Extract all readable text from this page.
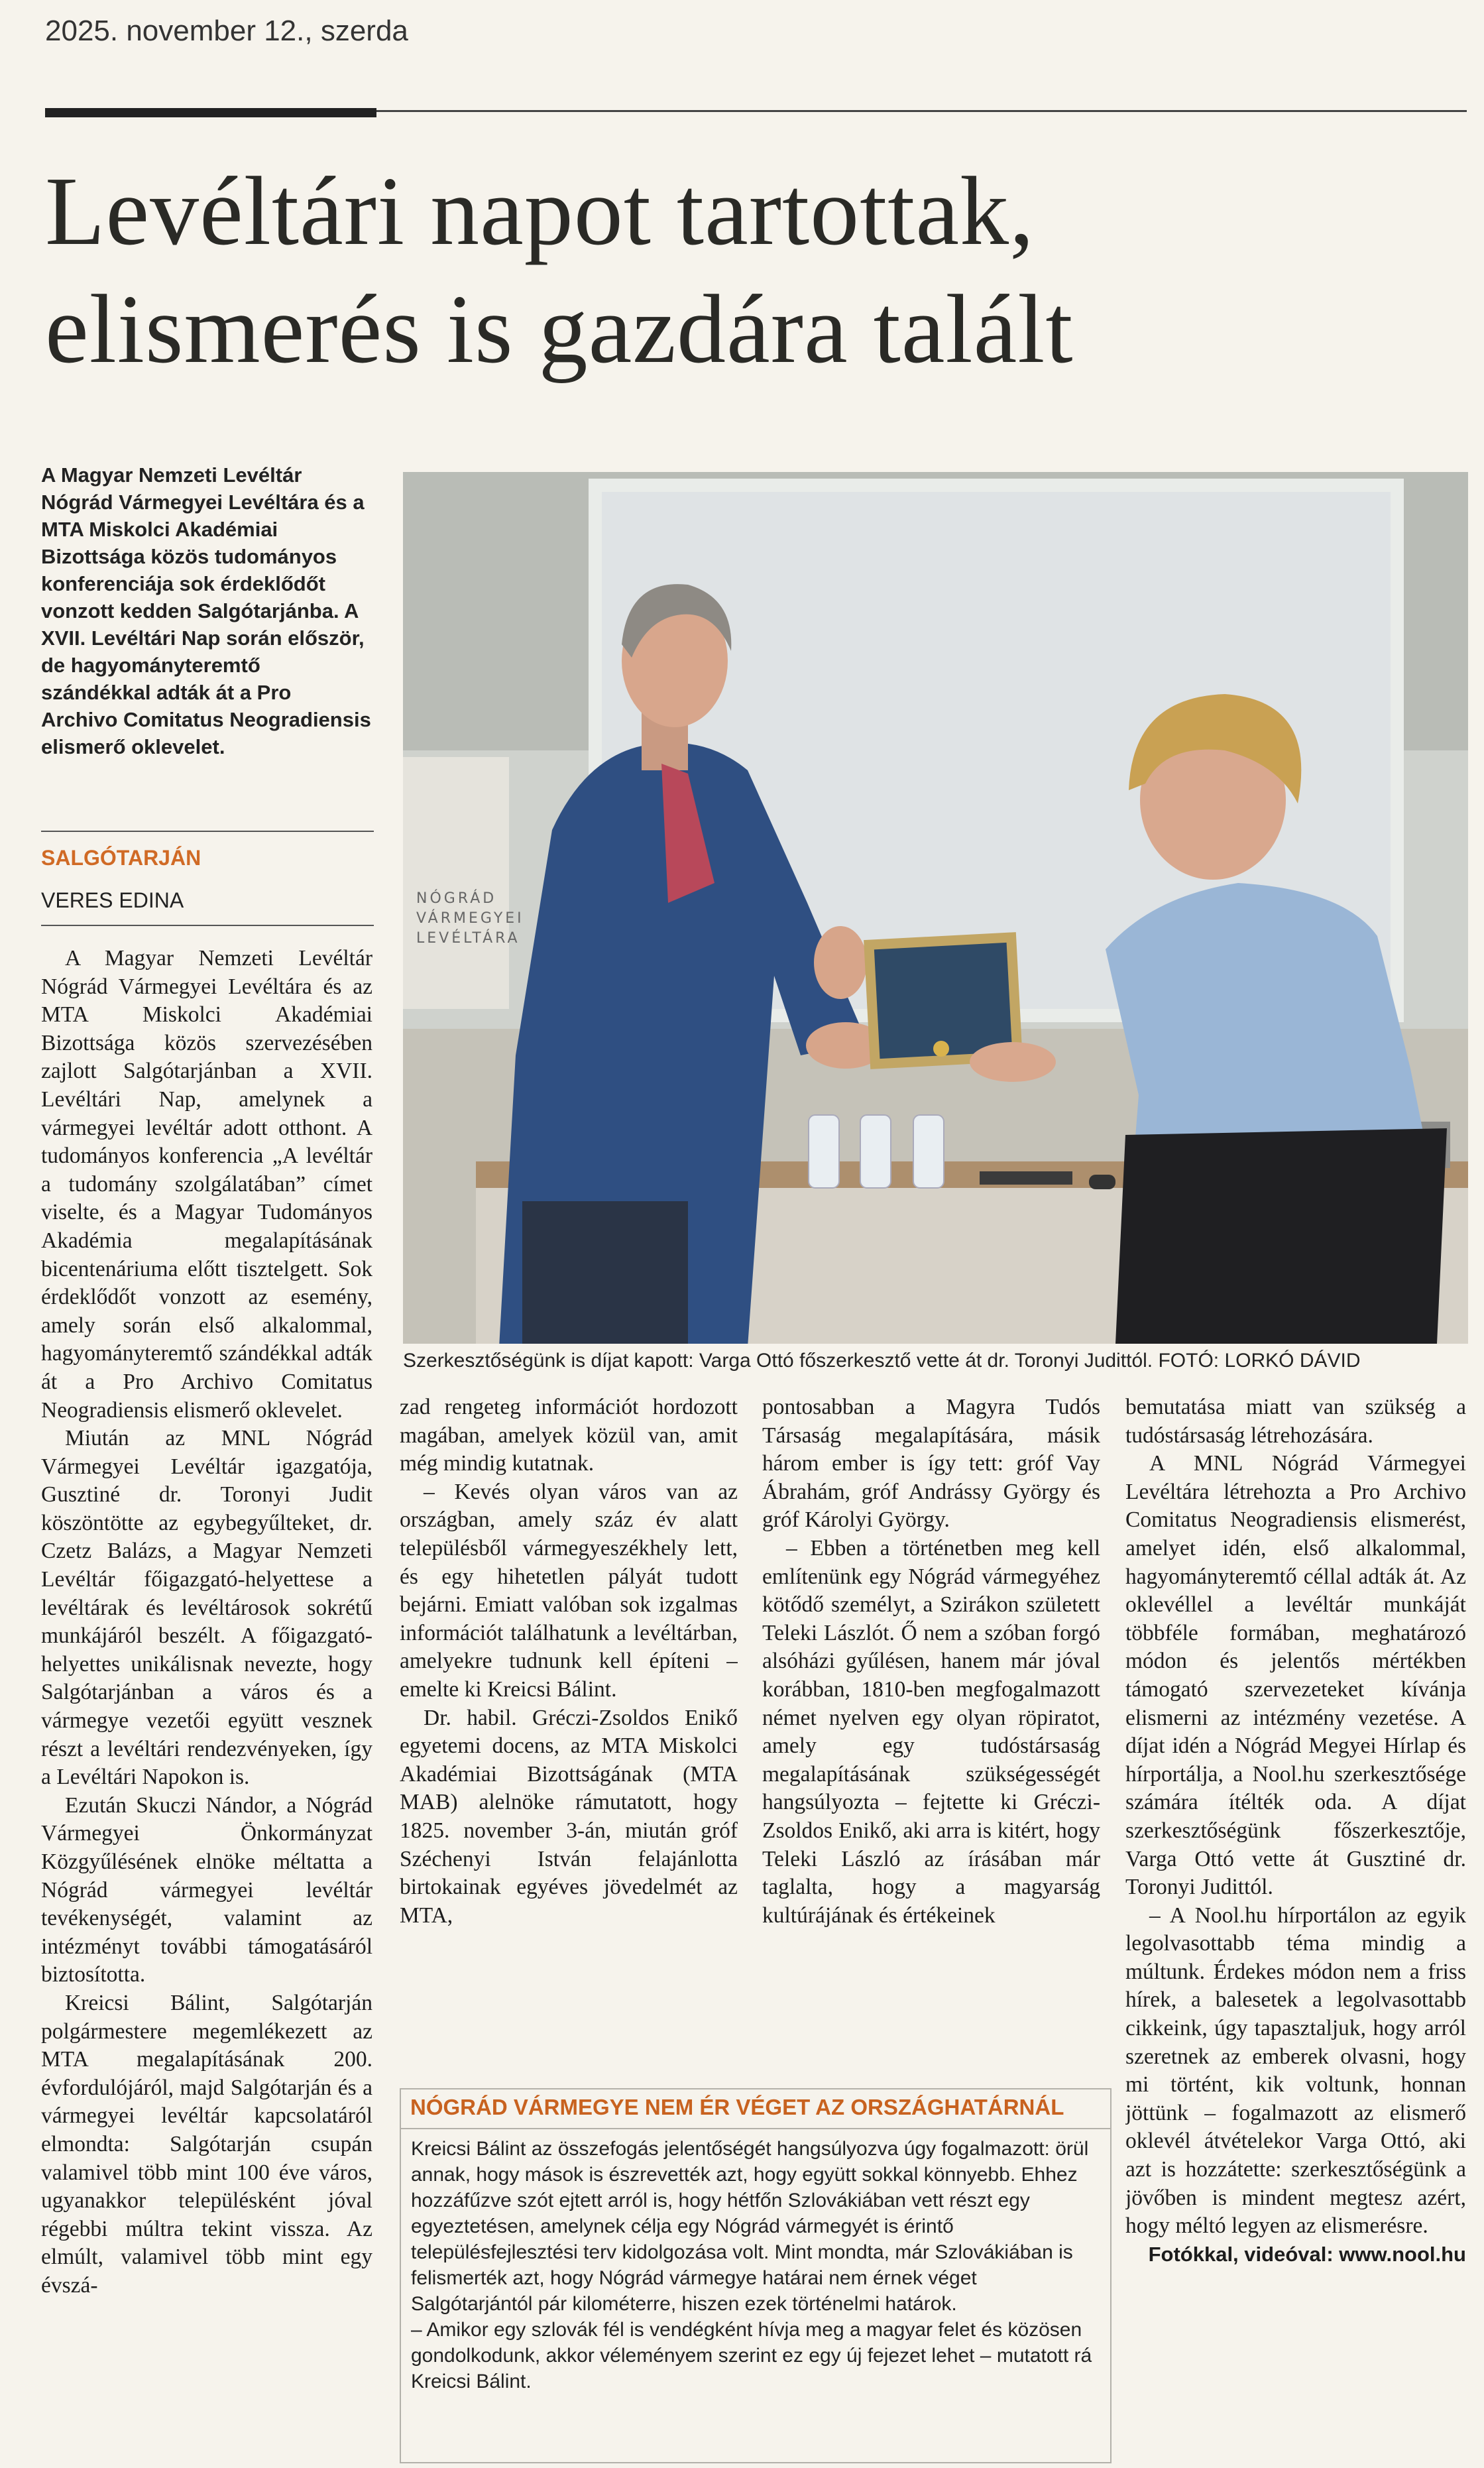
2025. november 12., szerda
Levéltári napot tartottak,
elismerés is gazdára talált
A Magyar Nemzeti Levéltár Nógrád Vármegyei Levéltára és a MTA Miskolci Akadémiai Bizottsága közös tudományos konferenciája sok érdeklődőt vonzott kedden Salgótarjánba. A XVII. Levéltári Nap során először, de hagyományteremtő szándékkal adták át a Pro Archivo Comitatus Neogradiensis elismerő oklevelet.
SALGÓTARJÁN
VERES EDINA	NÓGRÁD
VÁRMEGYEI
LEVÉLTÁRA
Szerkesztőségünk is díjat kapott: Varga Ottó főszerkesztő vette át dr. Toronyi Judittól. FOTÓ: LORKÓ DÁVID

A Magyar Nemzeti Levéltár Nógrád Vármegyei Levéltára és az MTA Miskolci Akadémiai Bizottsága közös szervezésében zajlott Salgótarjánban a XVII. Levéltári Nap, amelynek a vármegyei levéltár adott otthont. A tudományos konferencia „A levéltár a tudomány szolgálatában” címet viselte, és a Magyar Tudományos Akadémia megalapításának bicentenáriuma előtt tisztelgett. Sok érdeklődőt vonzott az esemény, amely során első alkalommal, hagyományteremtő szándékkal adták át a Pro Archivo Comitatus Neogradiensis elismerő oklevelet.

Miután az MNL Nógrád Vármegyei Levéltár igazgatója, Gusztiné dr. Toronyi Judit köszöntötte az egybegyűlteket, dr. Czetz Balázs, a Magyar Nemzeti Levéltár főigazgató-helyettese a levéltárak és levéltárosok sokrétű munkájáról beszélt. A főigazgató-helyettes unikálisnak nevezte, hogy Salgótarjánban a város és a vármegye vezetői együtt vesznek részt a levéltári rendezvényeken, így a Levéltári Napokon is.

Ezután Skuczi Nándor, a Nógrád Vármegyei Önkormányzat Közgyűlésének elnöke méltatta a Nógrád vármegyei levéltár tevékenységét, valamint az intézményt további támogatásáról biztosította.

Kreicsi Bálint, Salgótarján polgármestere megemlékezett az MTA megalapításának 200. évfordulójáról, majd Salgótarján és a vármegyei levéltár kapcsolatáról elmondta: Salgótarján csupán valamivel több mint 100 éve város, ugyanakkor településként jóval régebbi múltra tekint vissza. Az elmúlt, valamivel több mint egy évszá-

zad rengeteg információt hordozott magában, amelyek közül van, amit még mindig kutatnak.

– Kevés olyan város van az országban, amely száz év alatt településből vármegyeszékhely lett, és egy hihetetlen pályát tudott bejárni. Emiatt valóban sok izgalmas információt találhatunk a levéltárban, amelyekre tudnunk kell építeni – emelte ki Kreicsi Bálint.

Dr. habil. Gréczi-Zsoldos Enikő egyetemi docens, az MTA Miskolci Akadémiai Bizottságának (MTA MAB) alelnöke rámutatott, hogy 1825. november 3-án, miután gróf Széchenyi István felajánlotta birtokainak egyéves jövedelmét az MTA,

pontosabban a Magyra Tudós Társaság megalapítására, másik három ember is így tett: gróf Vay Ábrahám, gróf Andrássy György és gróf Károlyi György.

– Ebben a történetben meg kell említenünk egy Nógrád vármegyéhez kötődő személyt, a Szirákon született Teleki Lászlót. Ő nem a szóban forgó alsóházi gyűlésen, hanem már jóval korábban, 1810-ben megfogalmazott német nyelven egy olyan röpiratot, amely egy tudóstársaság megalapításának szükségességét hangsúlyozta – fejtette ki Gréczi-Zsoldos Enikő, aki arra is kitért, hogy Teleki László az írásában már taglalta, hogy a magyarság kultúrájának és értékeinek

bemutatása miatt van szükség a tudóstársaság létrehozására.

A MNL Nógrád Vármegyei Levéltára létrehozta a Pro Archivo Comitatus Neogradiensis elismerést, amelyet idén, első alkalommal, hagyományteremtő céllal adták át. Az oklevéllel a levéltár munkáját többféle formában, meghatározó módon és jelentős mértékben támogató szervezeteket kívánja elismerni az intézmény vezetése. A díjat idén a Nógrád Megyei Hírlap és hírportálja, a Nool.hu szerkesztősége számára ítélték oda. A díjat szerkesztőségünk főszerkesztője, Varga Ottó vette át Gusztiné dr. Toronyi Judittól.

– A Nool.hu hírportálon az egyik legolvasottabb téma mindig a múltunk. Érdekes módon nem a friss hírek, a balesetek a legolvasottabb cikkeink, úgy tapasztaljuk, hogy arról szeretnek az emberek olvasni, hogy mi történt, kik voltunk, honnan jöttünk – fogalmazott az elismerő oklevél átvételekor Varga Ottó, aki azt is hozzátette: szerkesztőségünk a jövőben is mindent megtesz azért, hogy méltó legyen az elismerésre.

Fotókkal, videóval: www.nool.hu

NÓGRÁD VÁRMEGYE NEM ÉR VÉGET AZ ORSZÁGHATÁRNÁL

Kreicsi Bálint az összefogás jelentőségét hangsúlyozva úgy fogalmazott: örül annak, hogy mások is észrevették azt, hogy együtt sokkal könnyebb. Ehhez hozzáfűzve szót ejtett arról is, hogy hétfőn Szlovákiában vett részt egy egyeztetésen, amelynek célja egy Nógrád vármegyét is érintő településfejlesztési terv kidolgozása volt. Mint mondta, már Szlovákiában is felismerték azt, hogy Nógrád vármegye határai nem érnek véget Salgótarjántól pár kilométerre, hiszen ezek történelmi határok.

– Amikor egy szlovák fél is vendégként hívja meg a magyar felet és közösen gondolkodunk, akkor véleményem szerint ez egy új fejezet lehet – mutatott rá Kreicsi Bálint.
